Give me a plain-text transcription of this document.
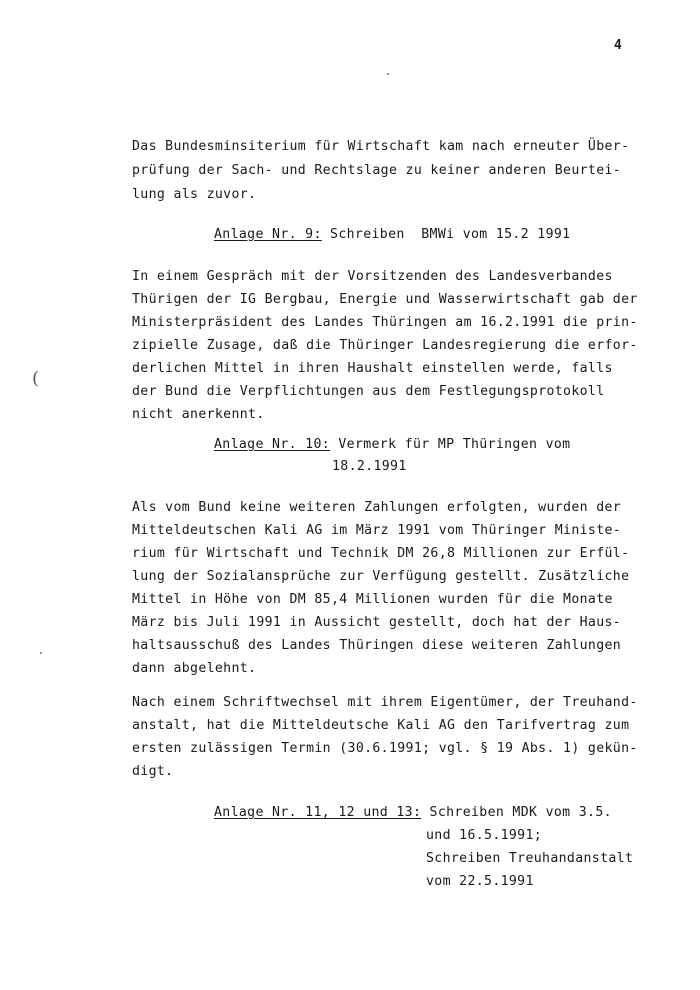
4
Das Bundesminsiterium für Wirtschaft kam nach erneuter Über-
prüfung der Sach- und Rechtslage zu keiner anderen Beurtei-
lung als zuvor.
Anlage Nr. 9: Schreiben  BMWi vom 15.2 1991
In einem Gespräch mit der Vorsitzenden des Landesverbandes
Thürigen der IG Bergbau, Energie und Wasserwirtschaft gab der
Ministerpräsident des Landes Thüringen am 16.2.1991 die prin-
zipielle Zusage, daß die Thüringer Landesregierung die erfor-
derlichen Mittel in ihren Haushalt einstellen werde, falls
der Bund die Verpflichtungen aus dem Festlegungsprotokoll
nicht anerkennt.
Anlage Nr. 10: Vermerk für MP Thüringen vom
18.2.1991
Als vom Bund keine weiteren Zahlungen erfolgten, wurden der
Mitteldeutschen Kali AG im März 1991 vom Thüringer Ministe-
rium für Wirtschaft und Technik DM 26,8 Millionen zur Erfül-
lung der Sozialansprüche zur Verfügung gestellt. Zusätzliche
Mittel in Höhe von DM 85,4 Millionen wurden für die Monate
März bis Juli 1991 in Aussicht gestellt, doch hat der Haus-
haltsausschuß des Landes Thüringen diese weiteren Zahlungen
dann abgelehnt.
Nach einem Schriftwechsel mit ihrem Eigentümer, der Treuhand-
anstalt, hat die Mitteldeutsche Kali AG den Tarifvertrag zum
ersten zulässigen Termin (30.6.1991; vgl. § 19 Abs. 1) gekün-
digt.
Anlage Nr. 11, 12 und 13: Schreiben MDK vom 3.5.
und 16.5.1991;
Schreiben Treuhandanstalt
vom 22.5.1991
(
